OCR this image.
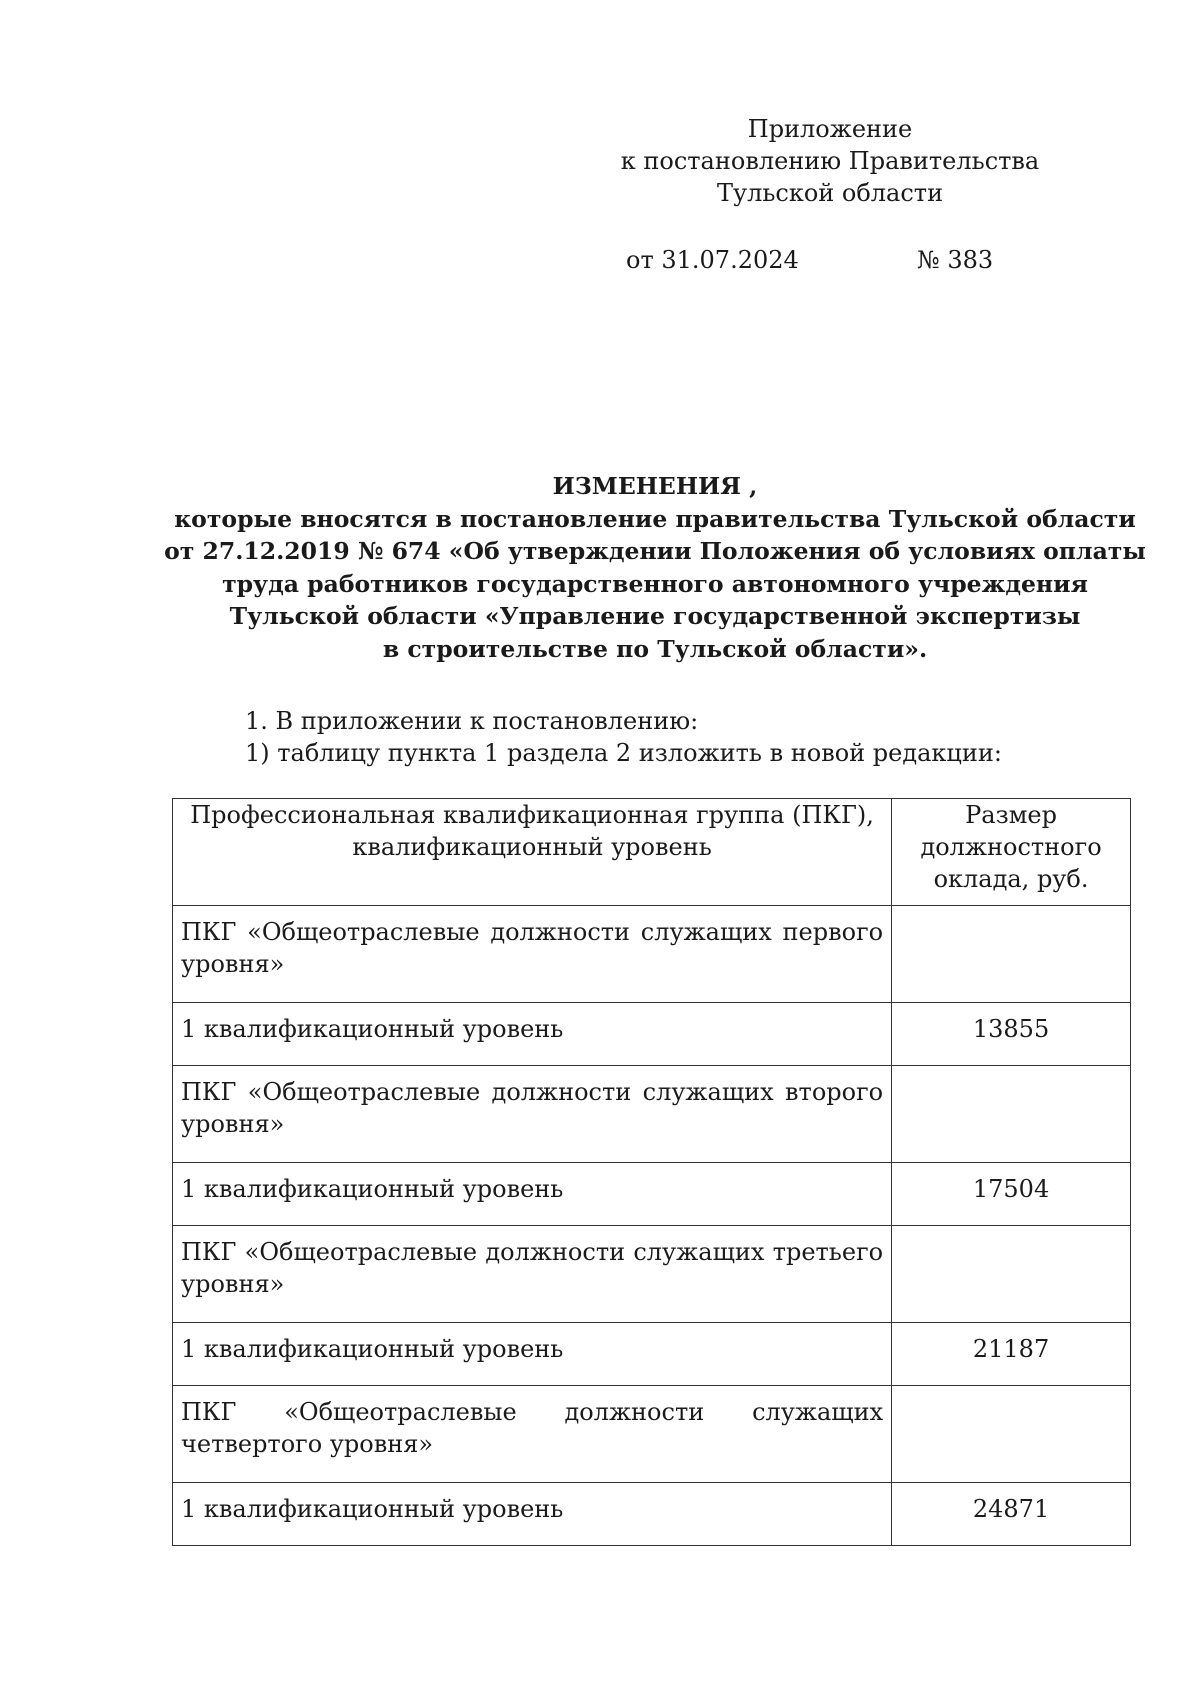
Приложение
к постановлению Правительства
Тульской области
от 31.07.2024	№ 383
ИЗМЕНЕНИЯ ,
которые вносятся в постановление правительства Тульской области
от 27.12.2019 № 674 «Об утверждении Положения об условиях оплаты
труда работников государственного автономного учреждения
Тульской области «Управление государственной экспертизы
в строительстве по Тульской области».
1. В приложении к постановлению:
1) таблицу пункта 1 раздела 2 изложить в новой редакции:
Профессиональная квалификационная группа (ПКГ),
квалификационный уровень	Размер
должностного
оклада, руб.

ПКГ «Общеотраслевые должности служащих первого уровня»	
1 квалификационный уровень	13855
ПКГ «Общеотраслевые должности служащих второго уровня»	
1 квалификационный уровень	17504
ПКГ «Общеотраслевые должности служащих третьего уровня»	
1 квалификационный уровень	21187
ПКГ «Общеотраслевые должности служащих четвертого уровня»	
1 квалификационный уровень	24871
